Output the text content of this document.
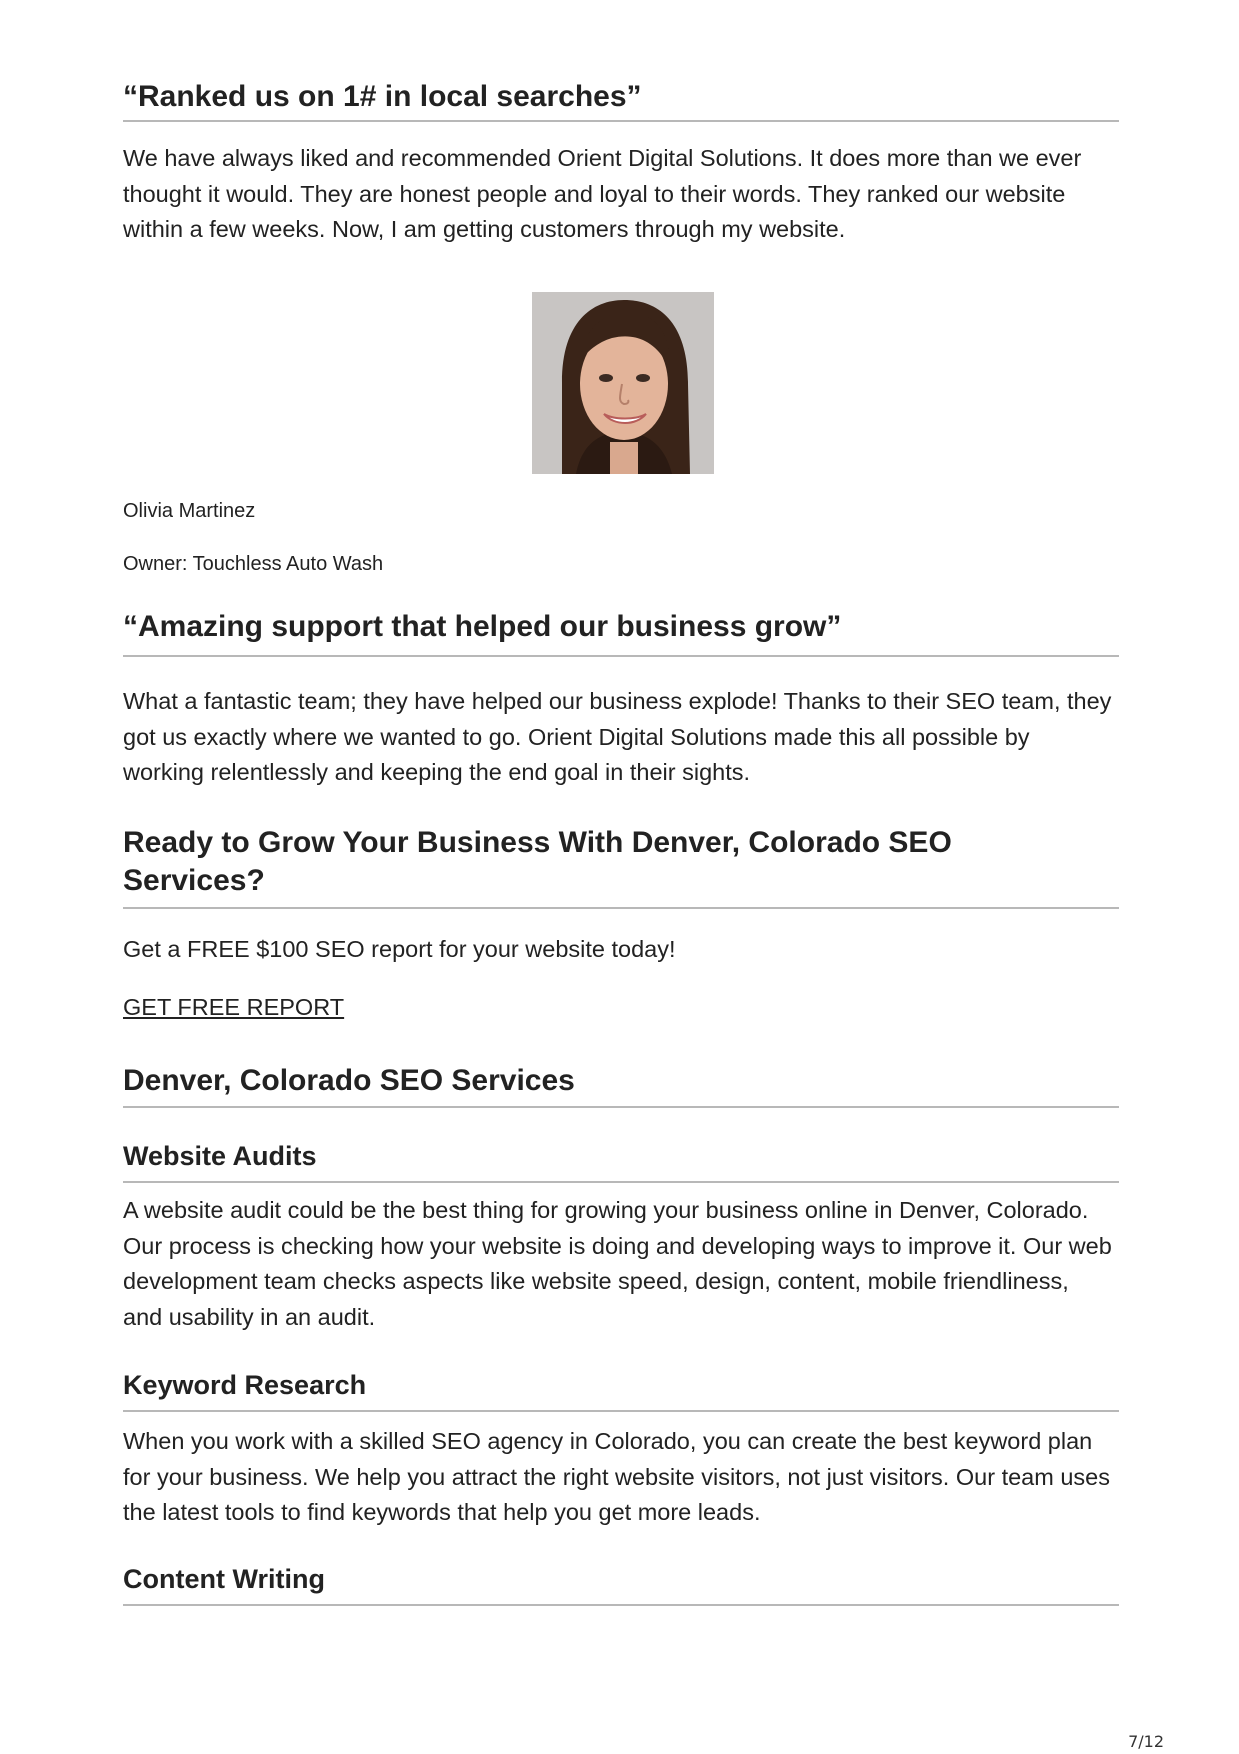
“Ranked us on 1# in local searches”

We have always liked and recommended Orient Digital Solutions. It does more than we ever thought it would. They are honest people and loyal to their words. They ranked our website within a few weeks. Now, I am getting customers through my website.

Olivia Martinez

Owner: Touchless Auto Wash

“Amazing support that helped our business grow”

What a fantastic team; they have helped our business explode! Thanks to their SEO team, they got us exactly where we wanted to go. Orient Digital Solutions made this all possible by working relentlessly and keeping the end goal in their sights.

Ready to Grow Your Business With Denver, Colorado SEO Services?

Get a FREE $100 SEO report for your website today!

GET FREE REPORT
Denver, Colorado SEO Services
Website Audits

A website audit could be the best thing for growing your business online in Denver, Colorado. Our process is checking how your website is doing and developing ways to improve it. Our web development team checks aspects like website speed, design, content, mobile friendliness, and usability in an audit.

Keyword Research

When you work with a skilled SEO agency in Colorado, you can create the best keyword plan for your business. We help you attract the right website visitors, not just visitors. Our team uses the latest tools to find keywords that help you get more leads.

Content Writing
7/12
